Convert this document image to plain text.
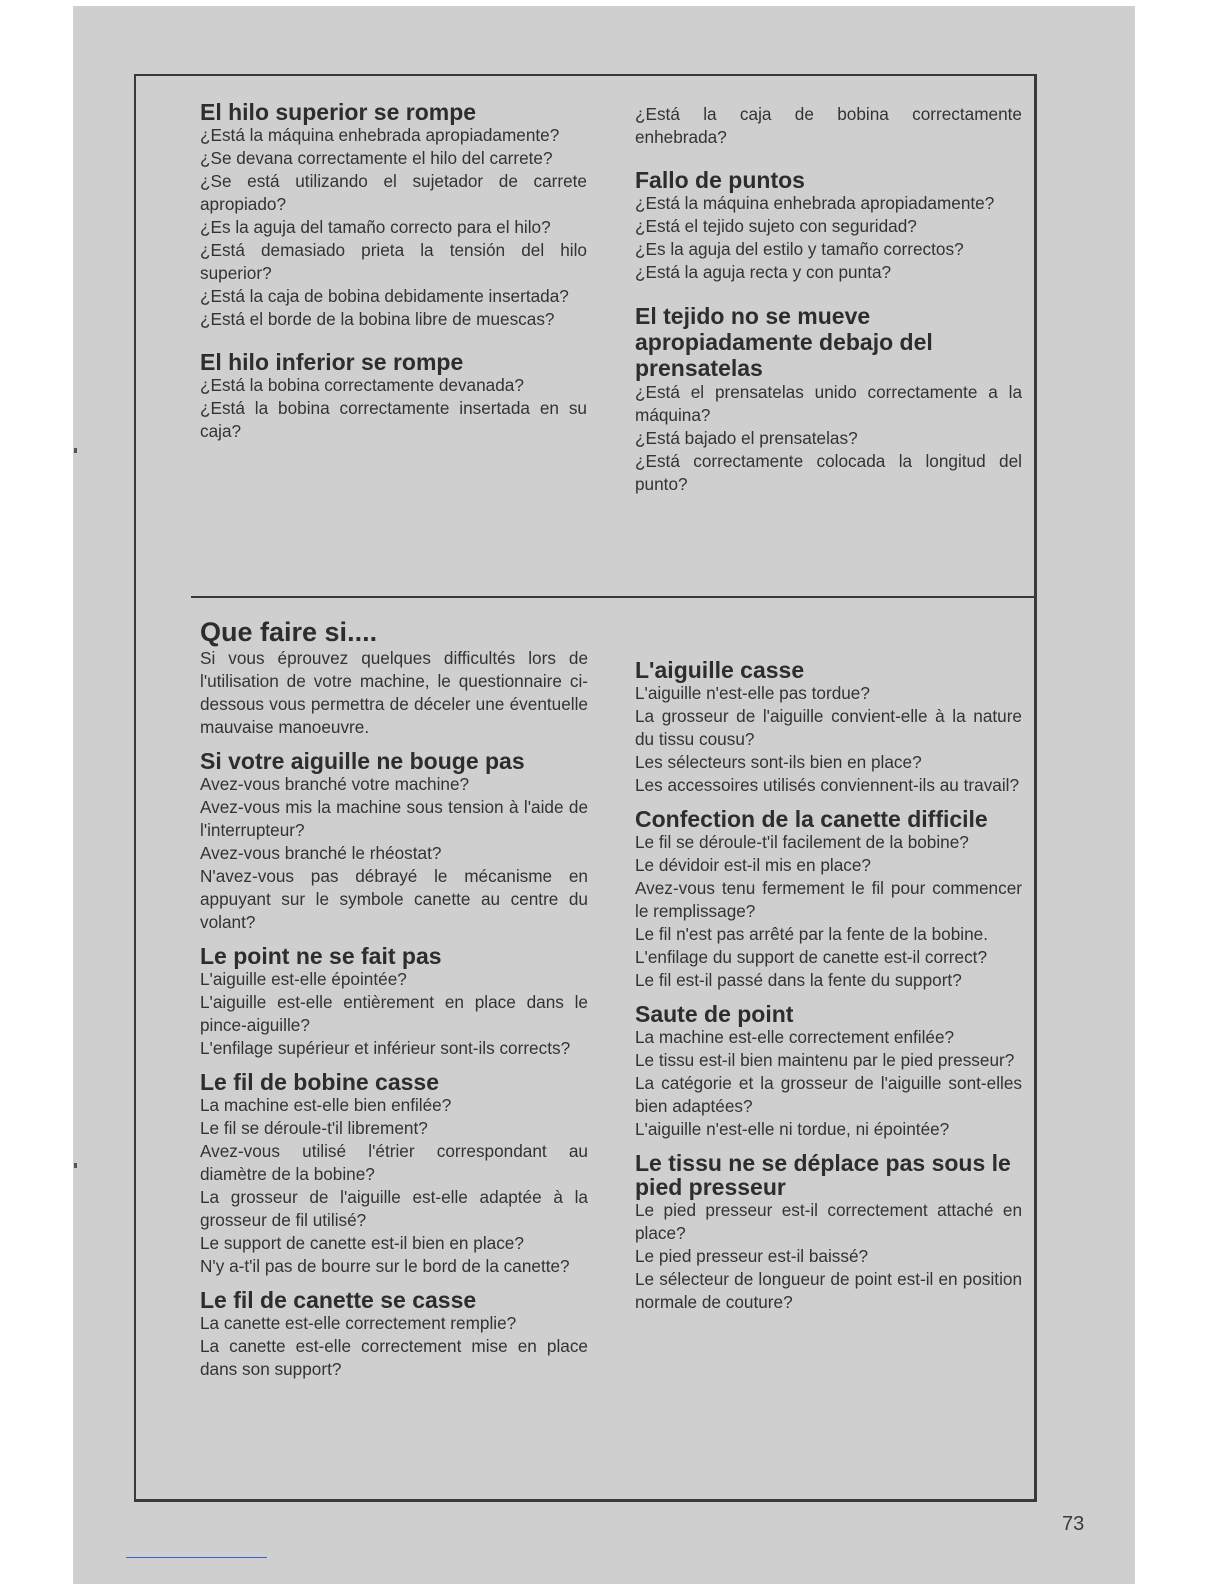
El hilo superior se rompe

¿Está la máquina enhebrada apropiadamente?
¿Se devana correctamente el hilo del carrete?
¿Se está utilizando el sujetador de carrete apropiado?
¿Es la aguja del tamaño correcto para el hilo?
¿Está demasiado prieta la tensión del hilo superior?
¿Está la caja de bobina debidamente insertada?
¿Está el borde de la bobina libre de muescas?

El hilo inferior se rompe

¿Está la bobina correctamente devanada?
¿Está la bobina correctamente insertada en su caja?

¿Está la caja de bobina correctamente enhebrada?

Fallo de puntos

¿Está la máquina enhebrada apropiadamente?
¿Está el tejido sujeto con seguridad?
¿Es la aguja del estilo y tamaño correctos?
¿Está la aguja recta y con punta?

El tejido no se mueve apropiadamente debajo del prensatelas

¿Está el prensatelas unido correctamente a la máquina?
¿Está bajado el prensatelas?
¿Está correctamente colocada la longitud del punto?

Que faire si....

Si vous éprouvez quelques difficultés lors de l'utilisation de votre machine, le questionnaire ci-dessous vous permettra de déceler une éventuelle mauvaise manoeuvre.

Si votre aiguille ne bouge pas

Avez-vous branché votre machine?
Avez-vous mis la machine sous tension à l'aide de l'interrupteur?
Avez-vous branché le rhéostat?
N'avez-vous pas débrayé le mécanisme en appuyant sur le symbole canette au centre du volant?

Le point ne se fait pas

L'aiguille est-elle épointée?
L'aiguille est-elle entièrement en place dans le pince-aiguille?
L'enfilage supérieur et inférieur sont-ils corrects?

Le fil de bobine casse

La machine est-elle bien enfilée?
Le fil se déroule-t'il librement?
Avez-vous utilisé l'étrier correspondant au diamètre de la bobine?
La grosseur de l'aiguille est-elle adaptée à la grosseur de fil utilisé?
Le support de canette est-il bien en place?
N'y a-t'il pas de bourre sur le bord de la canette?

Le fil de canette se casse

La canette est-elle correctement remplie?
La canette est-elle correctement mise en place dans son support?

L'aiguille casse

L'aiguille n'est-elle pas tordue?
La grosseur de l'aiguille convient-elle à la nature du tissu cousu?
Les sélecteurs sont-ils bien en place?
Les accessoires utilisés conviennent-ils au travail?

Confection de la canette difficile

Le fil se déroule-t'il facilement de la bobine?
Le dévidoir est-il mis en place?
Avez-vous tenu fermement le fil pour commencer le remplissage?
Le fil n'est pas arrêté par la fente de la bobine.
L'enfilage du support de canette est-il correct?
Le fil est-il passé dans la fente du support?

Saute de point

La machine est-elle correctement enfilée?
Le tissu est-il bien maintenu par le pied presseur?
La catégorie et la grosseur de l'aiguille sont-elles bien adaptées?
L'aiguille n'est-elle ni tordue, ni épointée?

Le tissu ne se déplace pas sous le pied presseur

Le pied presseur est-il correctement attaché en place?
Le pied presseur est-il baissé?
Le sélecteur de longueur de point est-il en position normale de couture?
73
